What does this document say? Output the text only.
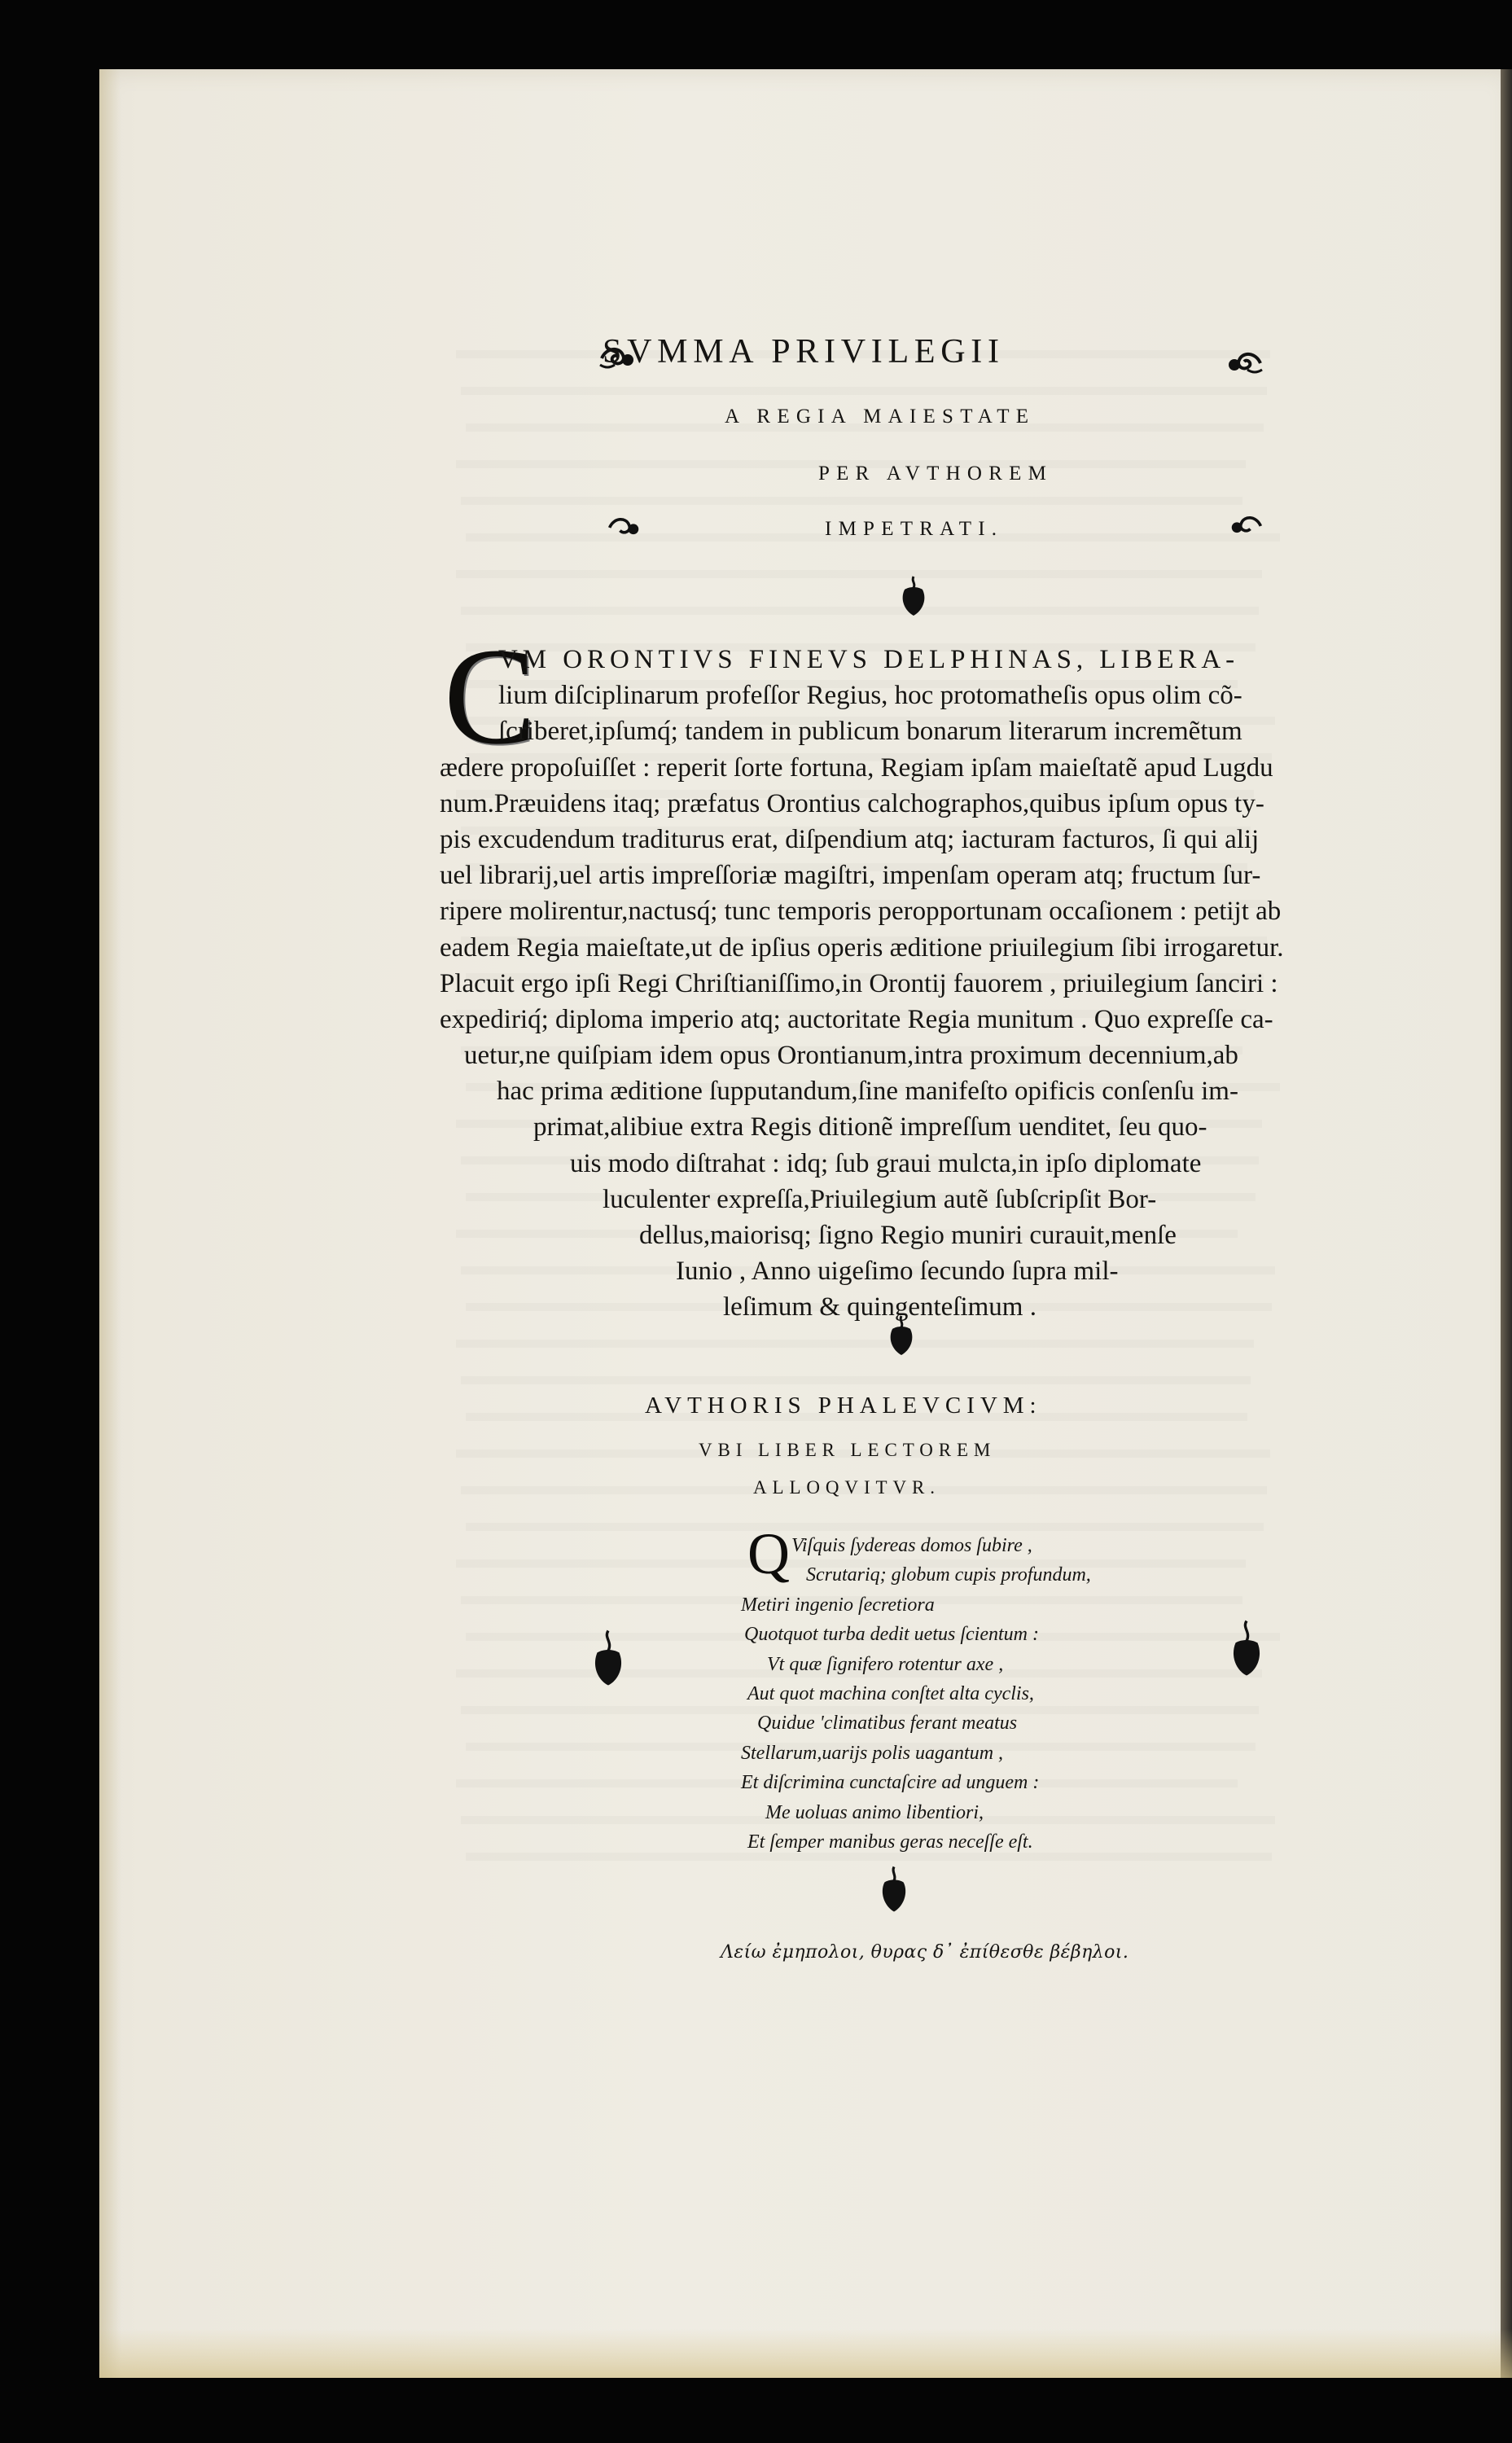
SVMMA PRIVILEGII
A REGIA MAIESTATE
PER AVTHOREM
IMPETRATI.
C
VM ORONTIVS FINEVS DELPHINAS, LIBERA-
lium diſciplinarum profeſſor Regius, hoc protomatheſis opus olim cõ-
ſcriberet,ipſumq́; tandem in publicum bonarum literarum incremẽtum
ædere propoſuiſſet : reperit ſorte fortuna, Regiam ipſam maieſtatẽ apud Lugdu
num.Præuidens itaq; præfatus Orontius calchographos,quibus ipſum opus ty-
pis excudendum traditurus erat, diſpendium atq; iacturam facturos, ſi qui alij
uel librarij,uel artis impreſſoriæ magiſtri, impenſam operam atq; fructum ſur-
ripere molirentur,nactusq́; tunc temporis peropportunam occaſionem : petijt ab
eadem Regia maieſtate,ut de ipſius operis æditione priuilegium ſibi irrogaretur.
Placuit ergo ipſi Regi Chriſtianiſſimo,in Orontij fauorem , priuilegium ſanciri :
expediriq́; diploma imperio atq; auctoritate Regia munitum . Quo expreſſe ca-
uetur,ne quiſpiam idem opus Orontianum,intra proximum decennium,ab
hac prima æditione ſupputandum,ſine manifeſto opificis conſenſu im-
primat,alibiue extra Regis ditionẽ impreſſum uenditet, ſeu quo-
uis modo diſtrahat : idq; ſub graui mulcta,in ipſo diplomate
luculenter expreſſa,Priuilegium autẽ ſubſcripſit Bor-
dellus,maiorisq; ſigno Regio muniri curauit,menſe
Iunio , Anno uigeſimo ſecundo ſupra mil-
leſimum & quingenteſimum .
AVTHORIS PHALEVCIVM:
VBI LIBER LECTOREM
ALLOQVITVR.
Q Viſquis ſydereas domos ſubire ,
Scrutariq; globum cupis profundum,
Metiri ingenio ſecretiora
Quotquot turba dedit uetus ſcientum :
Vt quæ ſignifero rotentur axe ,
Aut quot machina conſtet alta cyclis,
Quidue 'climatibus ferant meatus
Stellarum,uarijs polis uagantum ,
Et diſcrimina cunctaſcire ad unguem :
Me uoluas animo libentiori,
Et ſemper manibus geras neceſſe eſt.
Λείω ἐμηπολοι, θυρας δ᾽ ἐπίθεσθε βέβηλοι.
